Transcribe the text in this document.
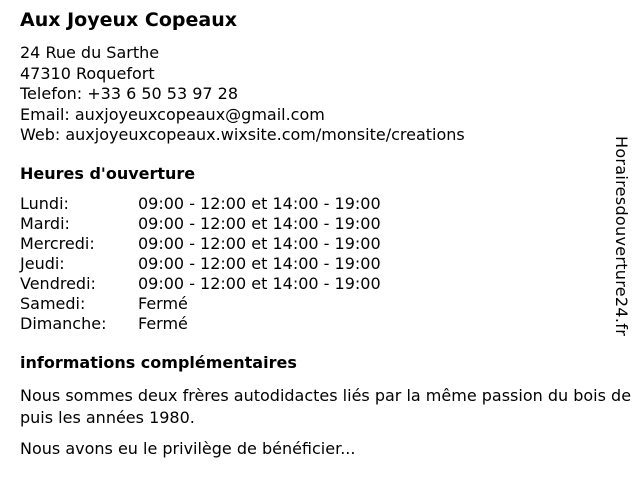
Aux Joyeux Copeaux
24 Rue du Sarthe
47310 Roquefort
Telefon: +33 6 50 53 97 28
Email: auxjoyeuxcopeaux@gmail.com
Web: auxjoyeuxcopeaux.wixsite.com/monsite/creations
Heures d'ouverture
Lundi:	09:00 - 12:00 et 14:00 - 19:00
Mardi:	09:00 - 12:00 et 14:00 - 19:00
Mercredi:	09:00 - 12:00 et 14:00 - 19:00
Jeudi:	09:00 - 12:00 et 14:00 - 19:00
Vendredi:	09:00 - 12:00 et 14:00 - 19:00
Samedi:	Fermé
Dimanche:	Fermé
informations complémentaires

Nous sommes deux frères autodidactes liés par la même passion du bois depuis les années 1980.

Nous avons eu le privilège de bénéficier...

Horairesdouverture24.fr
